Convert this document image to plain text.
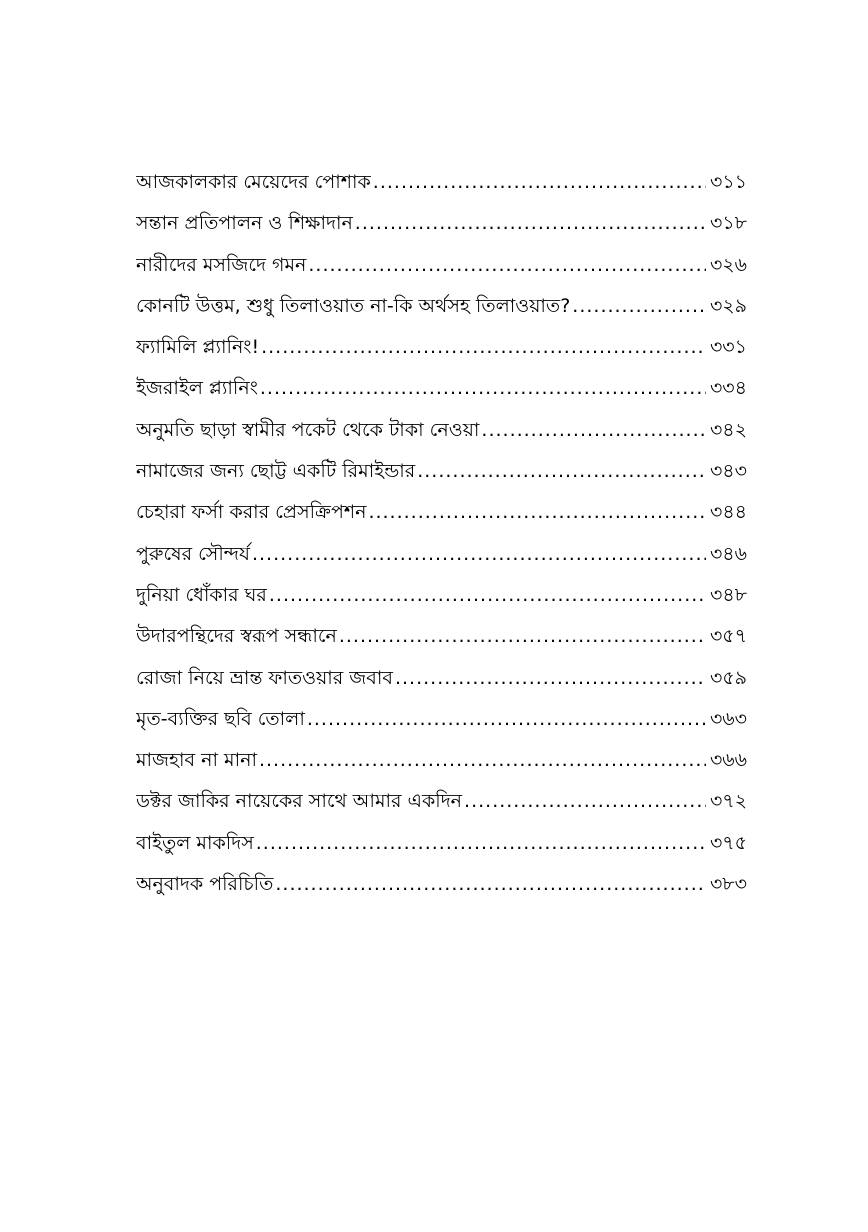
আজকালকার মেয়েদের পোশাক .....	৩১১
সন্তান প্রতিপালন ও শিক্ষাদান .....	৩১৮
নারীদের মসজিদে গমন .....	৩২৬
কোনটি উত্তম, শুধু তিলাওয়াত না-কি অর্থসহ তিলাওয়াত? .....	৩২৯
ফ্যামিলি প্ল্যানিং! .....	৩৩১
ইজরাইল প্ল্যানিং .....	৩৩৪
অনুমতি ছাড়া স্বামীর পকেট থেকে টাকা নেওয়া .....	৩৪২
নামাজের জন্য ছোট্ট একটি রিমাইন্ডার .....	৩৪৩
চেহারা ফর্সা করার প্রেসক্রিপশন .....	৩৪৪
পুরুষের সৌন্দর্য .....	৩৪৬
দুনিয়া ধোঁকার ঘর .....	৩৪৮
উদারপন্থিদের স্বরূপ সন্ধানে .....	৩৫৭
রোজা নিয়ে ভ্রান্ত ফাতওয়ার জবাব .....	৩৫৯
মৃত-ব্যক্তির ছবি তোলা .....	৩৬৩
মাজহাব না মানা .....	৩৬৬
ডক্টর জাকির নায়েকের সাথে আমার একদিন .....	৩৭২
বাইতুল মাকদিস .....	৩৭৫
অনুবাদক পরিচিতি .....	৩৮৩
